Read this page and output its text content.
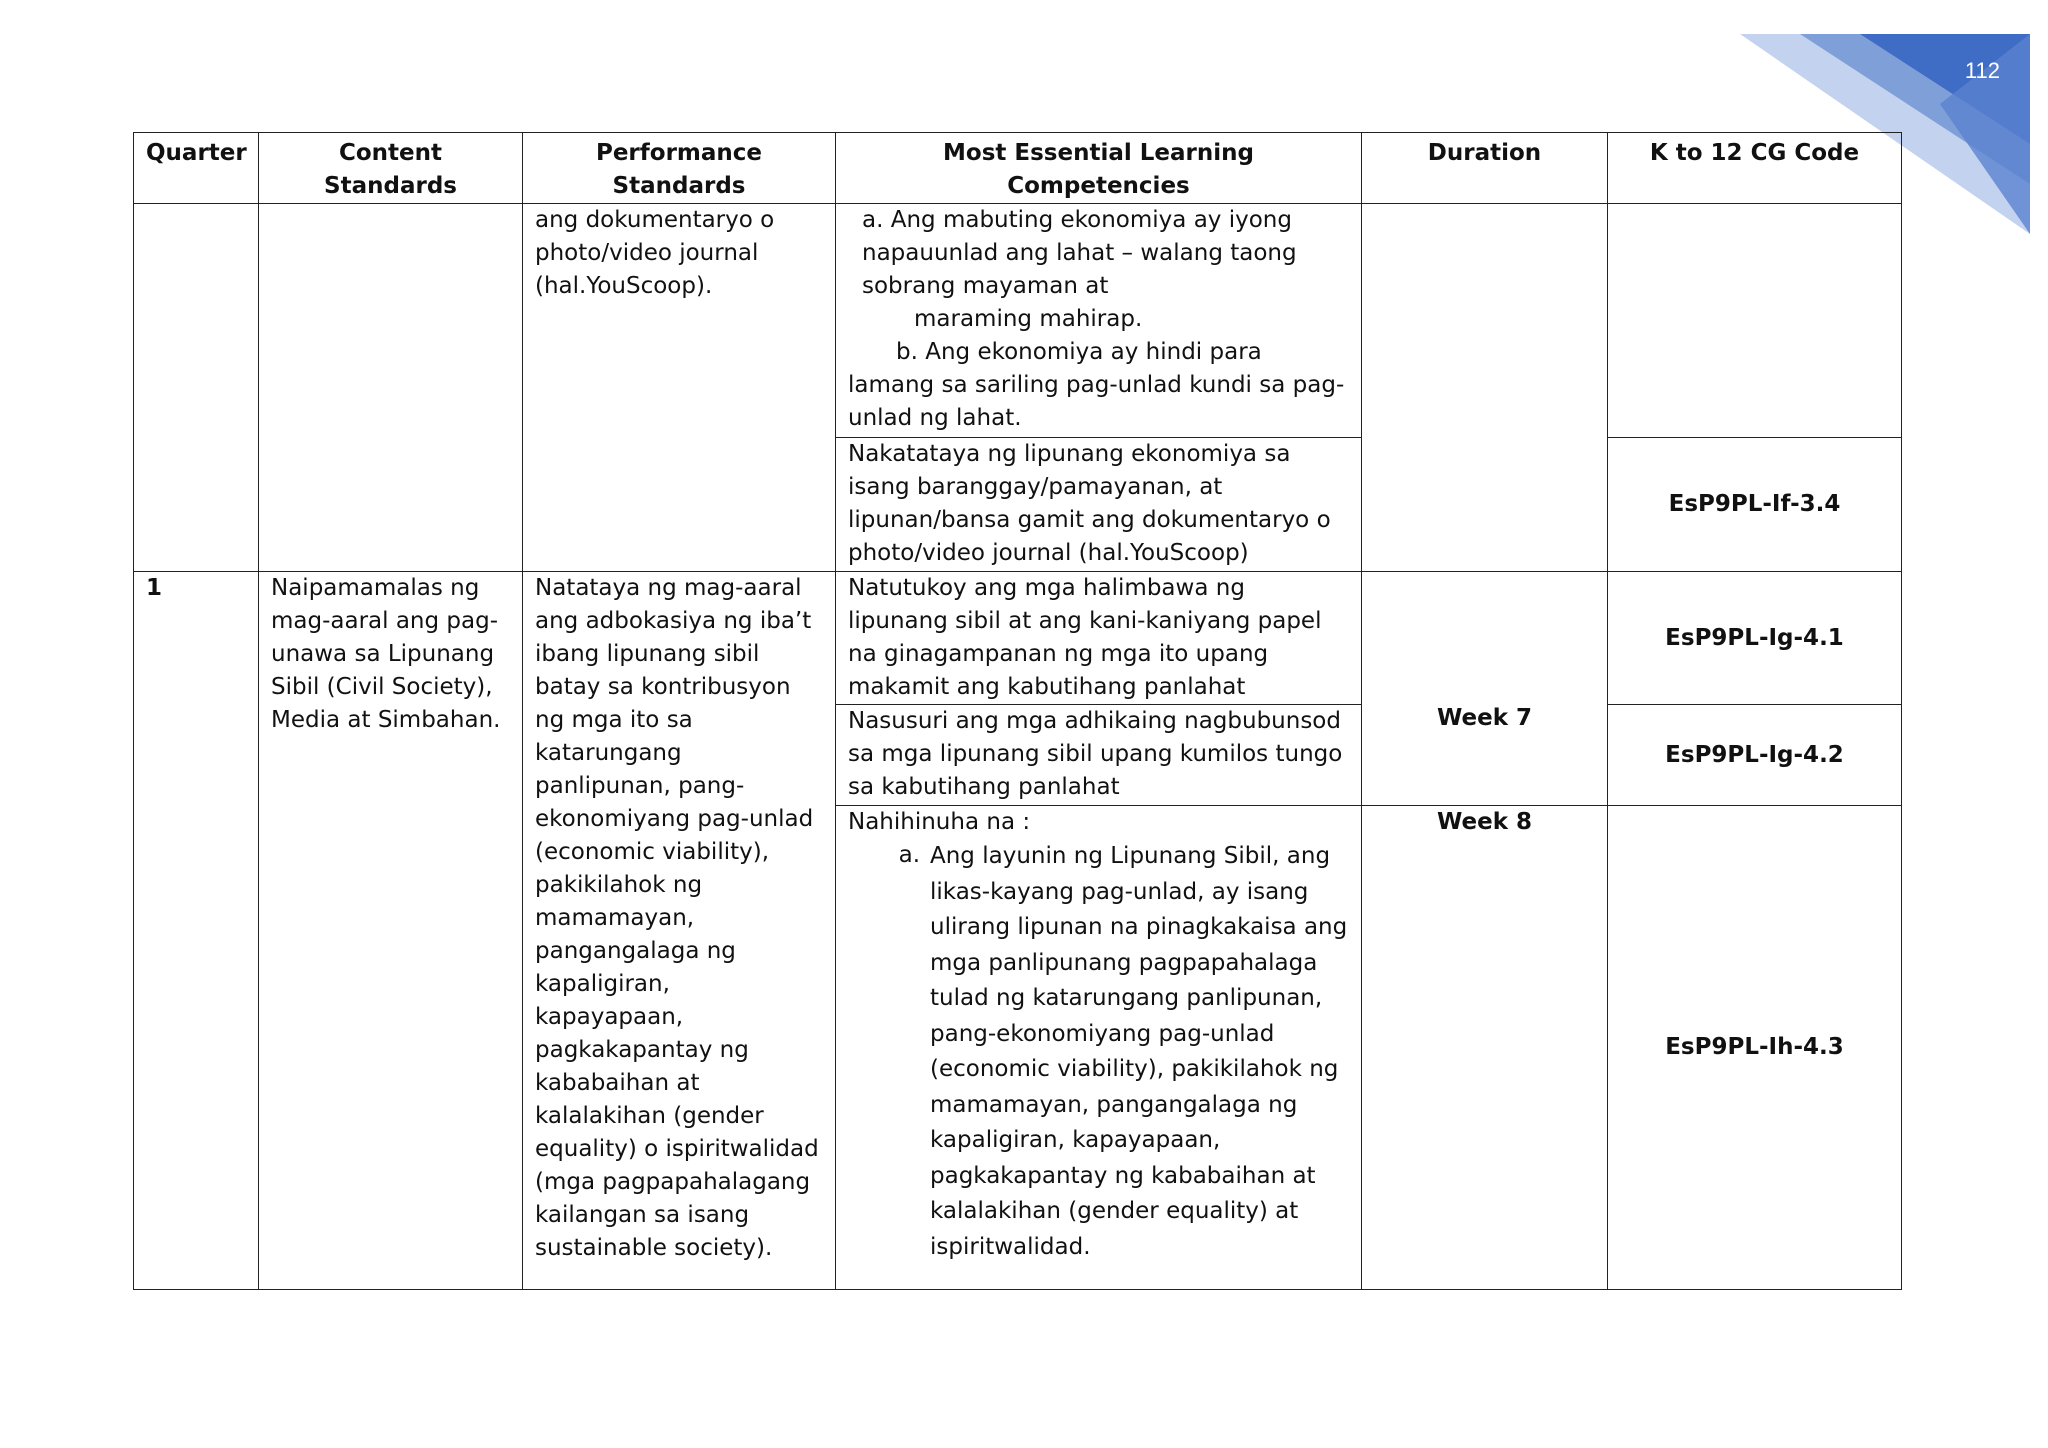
112
Quarter	Content Standards	Performance Standards	Most Essential Learning Competencies	Duration	K to 12 CG Code
		ang dokumentaryo o photo/video journal (hal.YouScoop).	a. Ang mabuting ekonomiya ay iyong napauunlad ang lahat – walang taong sobrang mayaman at
maraming mahirap.
b. Ang ekonomiya ay hindi para lamang sa sariling pag-unlad kundi sa pag-unlad ng lahat.		
			Nakatataya ng lipunang ekonomiya sa isang baranggay/pamayanan, at lipunan/bansa gamit ang dokumentaryo o photo/video journal (hal.YouScoop)		EsP9PL-If-3.4
1	Naipamamalas ng mag-aaral ang pag-unawa sa Lipunang Sibil (Civil Society), Media at Simbahan.	Natataya ng mag-aaral ang adbokasiya ng iba’t ibang lipunang sibil batay sa kontribusyon ng mga ito sa katarungang panlipunan, pang-ekonomiyang pag-unlad (economic viability), pakikilahok ng mamamayan, pangangalaga ng kapaligiran, kapayapaan, pagkakapantay ng kababaihan at kalalakihan (gender equality) o ispiritwalidad (mga pagpapahalagang kailangan sa isang sustainable society).	Natutukoy ang mga halimbawa ng lipunang sibil at ang kani-kaniyang papel na ginagampanan ng mga ito upang makamit ang kabutihang panlahat	Week 7	EsP9PL-Ig-4.1
			Nasusuri ang mga adhikaing nagbubunsod sa mga lipunang sibil upang kumilos tungo sa kabutihang panlahat		EsP9PL-Ig-4.2

			Nahihinuha na :
a. Ang layunin ng Lipunang Sibil, ang likas-kayang pag-unlad, ay isang ulirang lipunan na pinagkakaisa ang mga panlipunang pagpapahalaga tulad ng katarungang panlipunan, pang-ekonomiyang pag-unlad (economic viability), pakikilahok ng mamamayan, pangangalaga ng kapaligiran, kapayapaan, pagkakapantay ng kababaihan at kalalakihan (gender equality) at ispiritwalidad.	Week 8	EsP9PL-Ih-4.3
